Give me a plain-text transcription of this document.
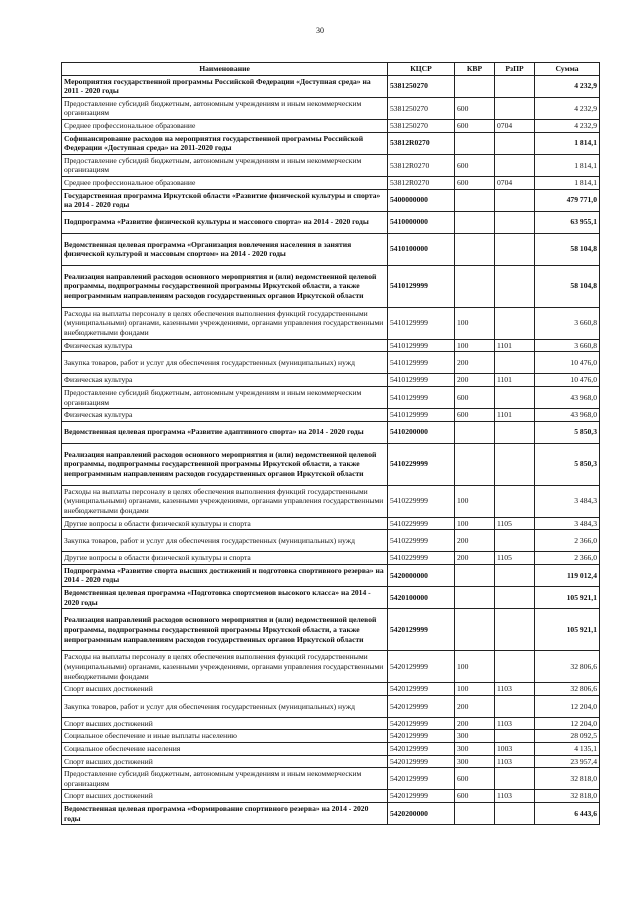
30
Наименование	КЦСР	КВР	РзПР	Сумма
Мероприятия государственной программы Российской Федерации «Доступная среда» на 2011 - 2020 годы	5381250270			4 232,9
Предоставление субсидий бюджетным, автономным учреждениям и иным некоммерческим организациям	5381250270	600		4 232,9
Среднее профессиональное образование	5381250270	600	0704	4 232,9
Софинансирование расходов на мероприятия государственной программы Российской Федерации «Доступная среда» на 2011-2020 годы	53812R0270			1 814,1
Предоставление субсидий бюджетным, автономным учреждениям и иным некоммерческим организациям	53812R0270	600		1 814,1
Среднее профессиональное образование	53812R0270	600	0704	1 814,1
Государственная программа Иркутской области «Развитие физической культуры и спорта» на 2014 - 2020 годы	5400000000			479 771,0
Подпрограмма «Развитие физической культуры и массового спорта» на 2014 - 2020 годы	5410000000			63 955,1
Ведомственная целевая программа «Организация вовлечения населения в занятия физической культурой и массовым спортом» на 2014 - 2020 годы	5410100000			58 104,8
Реализация направлений расходов основного мероприятия и (или) ведомственной целевой программы, подпрограммы государственной программы Иркутской области, а также непрограммным направлениям расходов государственных органов Иркутской области	5410129999			58 104,8
Расходы на выплаты персоналу в целях обеспечения выполнения функций государственными (муниципальными) органами, казенными учреждениями, органами управления государственными внебюджетными фондами	5410129999	100		3 660,8
Физическая культура	5410129999	100	1101	3 660,8
Закупка товаров, работ и услуг для обеспечения государственных (муниципальных) нужд	5410129999	200		10 476,0
Физическая культура	5410129999	200	1101	10 476,0
Предоставление субсидий бюджетным, автономным учреждениям и иным некоммерческим организациям	5410129999	600		43 968,0
Физическая культура	5410129999	600	1101	43 968,0
Ведомственная целевая программа «Развитие адаптивного спорта» на 2014 - 2020 годы	5410200000			5 850,3
Реализация направлений расходов основного мероприятия и (или) ведомственной целевой программы, подпрограммы государственной программы Иркутской области, а также непрограммным направлениям расходов государственных органов Иркутской области	5410229999			5 850,3
Расходы на выплаты персоналу в целях обеспечения выполнения функций государственными (муниципальными) органами, казенными учреждениями, органами управления государственными внебюджетными фондами	5410229999	100		3 484,3
Другие вопросы в области физической культуры и спорта	5410229999	100	1105	3 484,3
Закупка товаров, работ и услуг для обеспечения государственных (муниципальных) нужд	5410229999	200		2 366,0
Другие вопросы в области физической культуры и спорта	5410229999	200	1105	2 366,0
Подпрограмма «Развитие спорта высших достижений и подготовка спортивного резерва» на 2014 - 2020 годы	5420000000			119 012,4
Ведомственная целевая программа «Подготовка спортсменов высокого класса» на 2014 - 2020 годы	5420100000			105 921,1
Реализация направлений расходов основного мероприятия и (или) ведомственной целевой программы, подпрограммы государственной программы Иркутской области, а также непрограммным направлениям расходов государственных органов Иркутской области	5420129999			105 921,1
Расходы на выплаты персоналу в целях обеспечения выполнения функций государственными (муниципальными) органами, казенными учреждениями, органами управления государственными внебюджетными фондами	5420129999	100		32 806,6
Спорт высших достижений	5420129999	100	1103	32 806,6
Закупка товаров, работ и услуг для обеспечения государственных (муниципальных) нужд	5420129999	200		12 204,0
Спорт высших достижений	5420129999	200	1103	12 204,0
Социальное обеспечение и иные выплаты населению	5420129999	300		28 092,5
Социальное обеспечение населения	5420129999	300	1003	4 135,1
Спорт высших достижений	5420129999	300	1103	23 957,4
Предоставление субсидий бюджетным, автономным учреждениям и иным некоммерческим организациям	5420129999	600		32 818,0
Спорт высших достижений	5420129999	600	1103	32 818,0
Ведомственная целевая программа «Формирование спортивного резерва» на 2014 - 2020 годы	5420200000			6 443,6
